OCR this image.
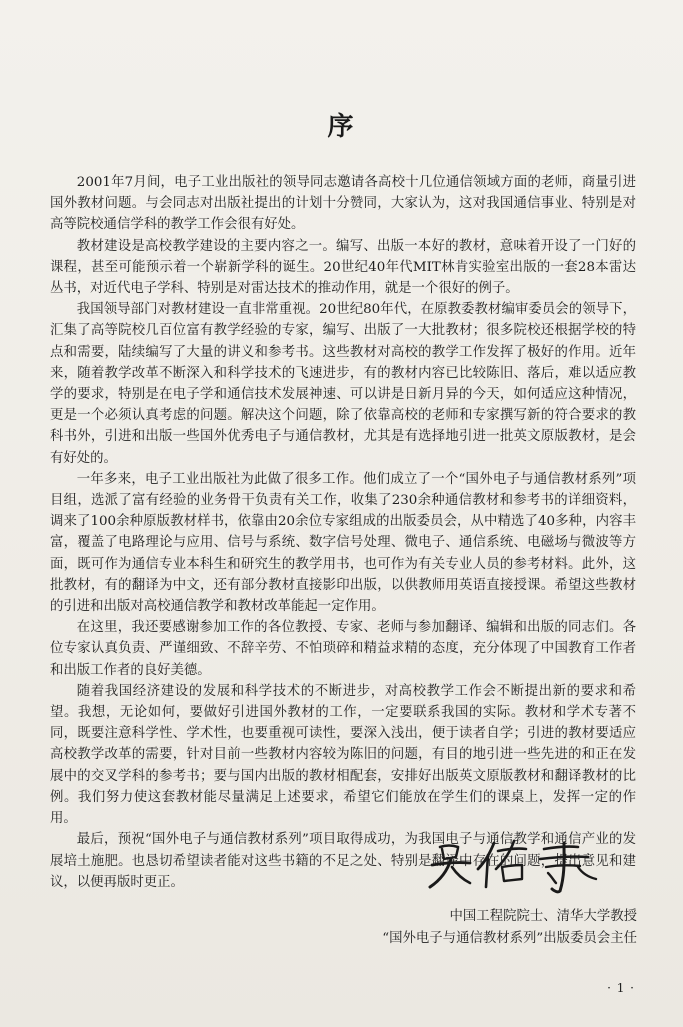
序

2001年7月间，电子工业出版社的领导同志邀请各高校十几位通信领域方面的老师，商量引进国外教材问题。与会同志对出版社提出的计划十分赞同，大家认为，这对我国通信事业、特别是对高等院校通信学科的教学工作会很有好处。

教材建设是高校教学建设的主要内容之一。编写、出版一本好的教材，意味着开设了一门好的课程，甚至可能预示着一个崭新学科的诞生。20世纪40年代MIT林肯实验室出版的一套28本雷达丛书，对近代电子学科、特别是对雷达技术的推动作用，就是一个很好的例子。

我国领导部门对教材建设一直非常重视。20世纪80年代，在原教委教材编审委员会的领导下，汇集了高等院校几百位富有教学经验的专家，编写、出版了一大批教材；很多院校还根据学校的特点和需要，陆续编写了大量的讲义和参考书。这些教材对高校的教学工作发挥了极好的作用。近年来，随着教学改革不断深入和科学技术的飞速进步，有的教材内容已比较陈旧、落后，难以适应教学的要求，特别是在电子学和通信技术发展神速、可以讲是日新月异的今天，如何适应这种情况，更是一个必须认真考虑的问题。解决这个问题，除了依靠高校的老师和专家撰写新的符合要求的教科书外，引进和出版一些国外优秀电子与通信教材，尤其是有选择地引进一批英文原版教材，是会有好处的。

一年多来，电子工业出版社为此做了很多工作。他们成立了一个“国外电子与通信教材系列”项目组，选派了富有经验的业务骨干负责有关工作，收集了230余种通信教材和参考书的详细资料，调来了100余种原版教材样书，依靠由20余位专家组成的出版委员会，从中精选了40多种，内容丰富，覆盖了电路理论与应用、信号与系统、数字信号处理、微电子、通信系统、电磁场与微波等方面，既可作为通信专业本科生和研究生的教学用书，也可作为有关专业人员的参考材料。此外，这批教材，有的翻译为中文，还有部分教材直接影印出版，以供教师用英语直接授课。希望这些教材的引进和出版对高校通信教学和教材改革能起一定作用。

在这里，我还要感谢参加工作的各位教授、专家、老师与参加翻译、编辑和出版的同志们。各位专家认真负责、严谨细致、不辞辛劳、不怕琐碎和精益求精的态度，充分体现了中国教育工作者和出版工作者的良好美德。

随着我国经济建设的发展和科学技术的不断进步，对高校教学工作会不断提出新的要求和希望。我想，无论如何，要做好引进国外教材的工作，一定要联系我国的实际。教材和学术专著不同，既要注意科学性、学术性，也要重视可读性，要深入浅出，便于读者自学；引进的教材要适应高校教学改革的需要，针对目前一些教材内容较为陈旧的问题，有目的地引进一些先进的和正在发展中的交叉学科的参考书；要与国内出版的教材相配套，安排好出版英文原版教材和翻译教材的比例。我们努力使这套教材能尽量满足上述要求，希望它们能放在学生们的课桌上，发挥一定的作用。

最后，预祝“国外电子与通信教材系列”项目取得成功，为我国电子与通信教学和通信产业的发展培土施肥。也恳切希望读者能对这些书籍的不足之处、特别是翻译中存在的问题，提出意见和建议，以便再版时更正。

中国工程院院士、清华大学教授
“国外电子与通信教材系列”出版委员会主任
· 1 ·
